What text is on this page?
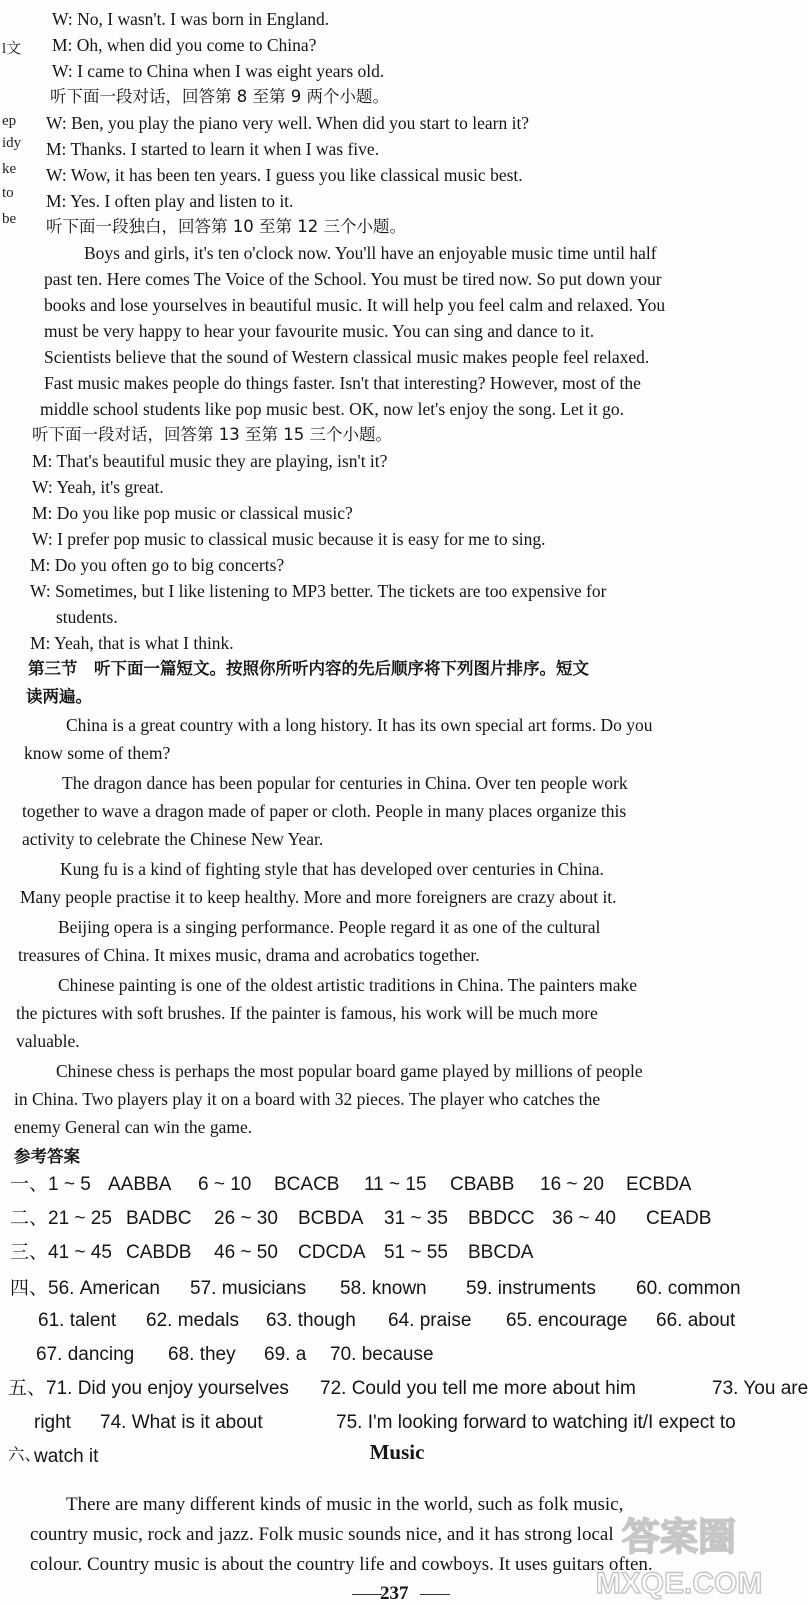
l文
ep
idy
ke
to
be
W: No, I wasn't. I was born in England.
M: Oh, when did you come to China?
W: I came to China when I was eight years old.
听下面一段对话，回答第 8 至第 9 两个小题。
W: Ben, you play the piano very well. When did you start to learn it?
M: Thanks. I started to learn it when I was five.
W: Wow, it has been ten years. I guess you like classical music best.
M: Yes. I often play and listen to it.
听下面一段独白，回答第 10 至第 12 三个小题。
Boys and girls, it's ten o'clock now. You'll have an enjoyable music time until half
past ten. Here comes The Voice of the School. You must be tired now. So put down your
books and lose yourselves in beautiful music. It will help you feel calm and relaxed. You
must be very happy to hear your favourite music. You can sing and dance to it.
Scientists believe that the sound of Western classical music makes people feel relaxed.
Fast music makes people do things faster. Isn't that interesting? However, most of the
middle school students like pop music best. OK, now let's enjoy the song. Let it go.
听下面一段对话，回答第 13 至第 15 三个小题。
M: That's beautiful music they are playing, isn't it?
W: Yeah, it's great.
M: Do you like pop music or classical music?
W: I prefer pop music to classical music because it is easy for me to sing.
M: Do you often go to big concerts?
W: Sometimes, but I like listening to MP3 better. The tickets are too expensive for
students.
M: Yeah, that is what I think.
第三节　听下面一篇短文。按照你所听内容的先后顺序将下列图片排序。短文
读两遍。
China is a great country with a long history. It has its own special art forms. Do you
know some of them?
The dragon dance has been popular for centuries in China. Over ten people work
together to wave a dragon made of paper or cloth. People in many places organize this
activity to celebrate the Chinese New Year.
Kung fu is a kind of fighting style that has developed over centuries in China.
Many people practise it to keep healthy. More and more foreigners are crazy about it.
Beijing opera is a singing performance. People regard it as one of the cultural
treasures of China. It mixes music, drama and acrobatics together.
Chinese painting is one of the oldest artistic traditions in China. The painters make
the pictures with soft brushes. If the painter is famous, his work will be much more
valuable.
Chinese chess is perhaps the most popular board game played by millions of people
in China. Two players play it on a board with 32 pieces. The player who catches the
enemy General can win the game.
参考答案
一、1 ~ 5 AABBA 6 ~ 10 BCACB 11 ~ 15 CBABB 16 ~ 20 ECBDA
二、21 ~ 25 BADBC 26 ~ 30 BCBDA 31 ~ 35 BBDCC 36 ~ 40 CEADB
三、41 ~ 45 CABDB 46 ~ 50 CDCDA 51 ~ 55 BBCDA
四、56. American 57. musicians 58. known 59. instruments 60. common
61. talent 62. medals 63. though 64. praise 65. encourage 66. about
67. dancing 68. they 69. a 70. because
五、71. Did you enjoy yourselves 72. Could you tell me more about him	73. You are
right 74. What is it about	75. I'm looking forward to watching it/I expect to
watch it
六、	Music
There are many different kinds of music in the world, such as folk music,
country music, rock and jazz. Folk music sounds nice, and it has strong local
colour. Country music is about the country life and cowboys. It uses guitars often.
237
答案圈
MXQE.COM
